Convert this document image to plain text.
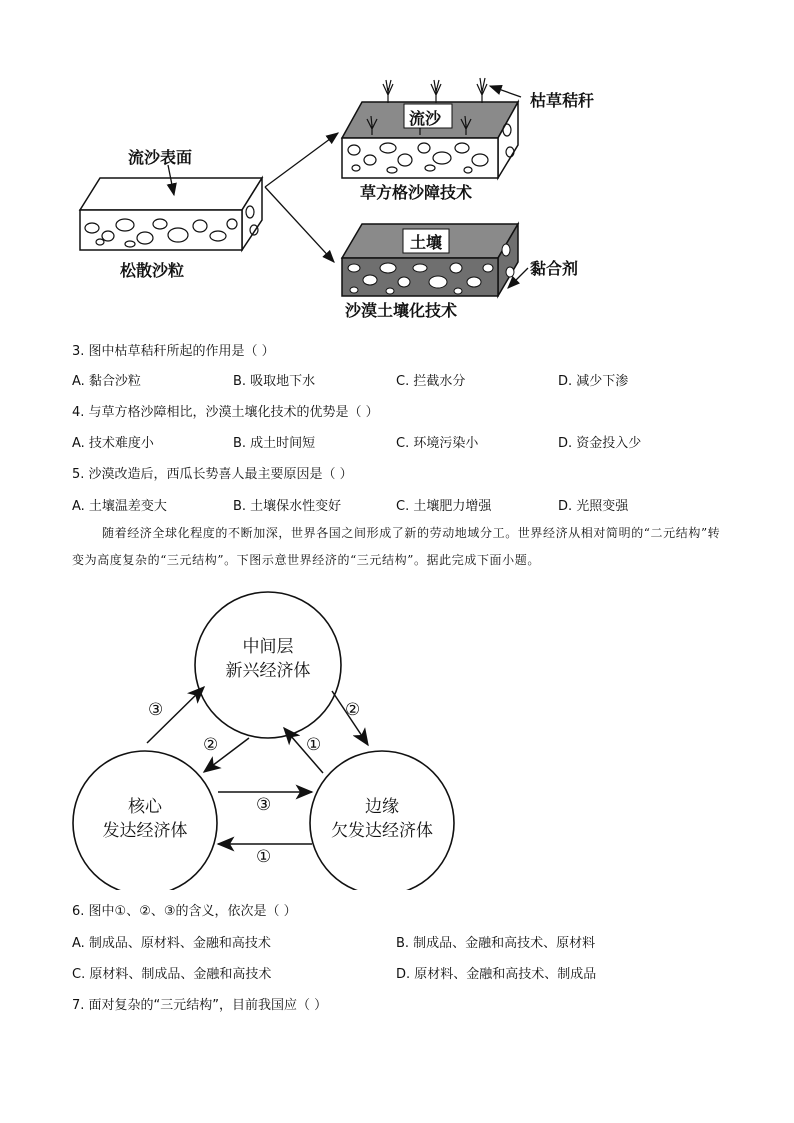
流沙表面
松散沙粒
流沙
枯草秸秆
草方格沙障技术
土壤
黏合剂
沙漠土壤化技术
3. 图中枯草秸秆所起的作用是（ ）
A. 黏合沙粒	B. 吸取地下水	C. 拦截水分	D. 减少下渗
4. 与草方格沙障相比，沙漠土壤化技术的优势是（ ）
A. 技术难度小	B. 成土时间短	C. 环境污染小	D. 资金投入少
5. 沙漠改造后，西瓜长势喜人最主要原因是（ ）
A. 土壤温差变大	B. 土壤保水性变好	C. 土壤肥力增强	D. 光照变强
随着经济全球化程度的不断加深，世界各国之间形成了新的劳动地域分工。世界经济从相对简明的“二元结构”转变为高度复杂的“三元结构”。下图示意世界经济的“三元结构”。据此完成下面小题。
中间层
新兴经济体
核心
发达经济体
边缘
欠发达经济体
③
②	①
②
③
①
6. 图中①、②、③的含义，依次是（ ）
A. 制成品、原材料、金融和高技术	B. 制成品、金融和高技术、原材料
C. 原材料、制成品、金融和高技术	D. 原材料、金融和高技术、制成品
7. 面对复杂的“三元结构”，目前我国应（ ）
